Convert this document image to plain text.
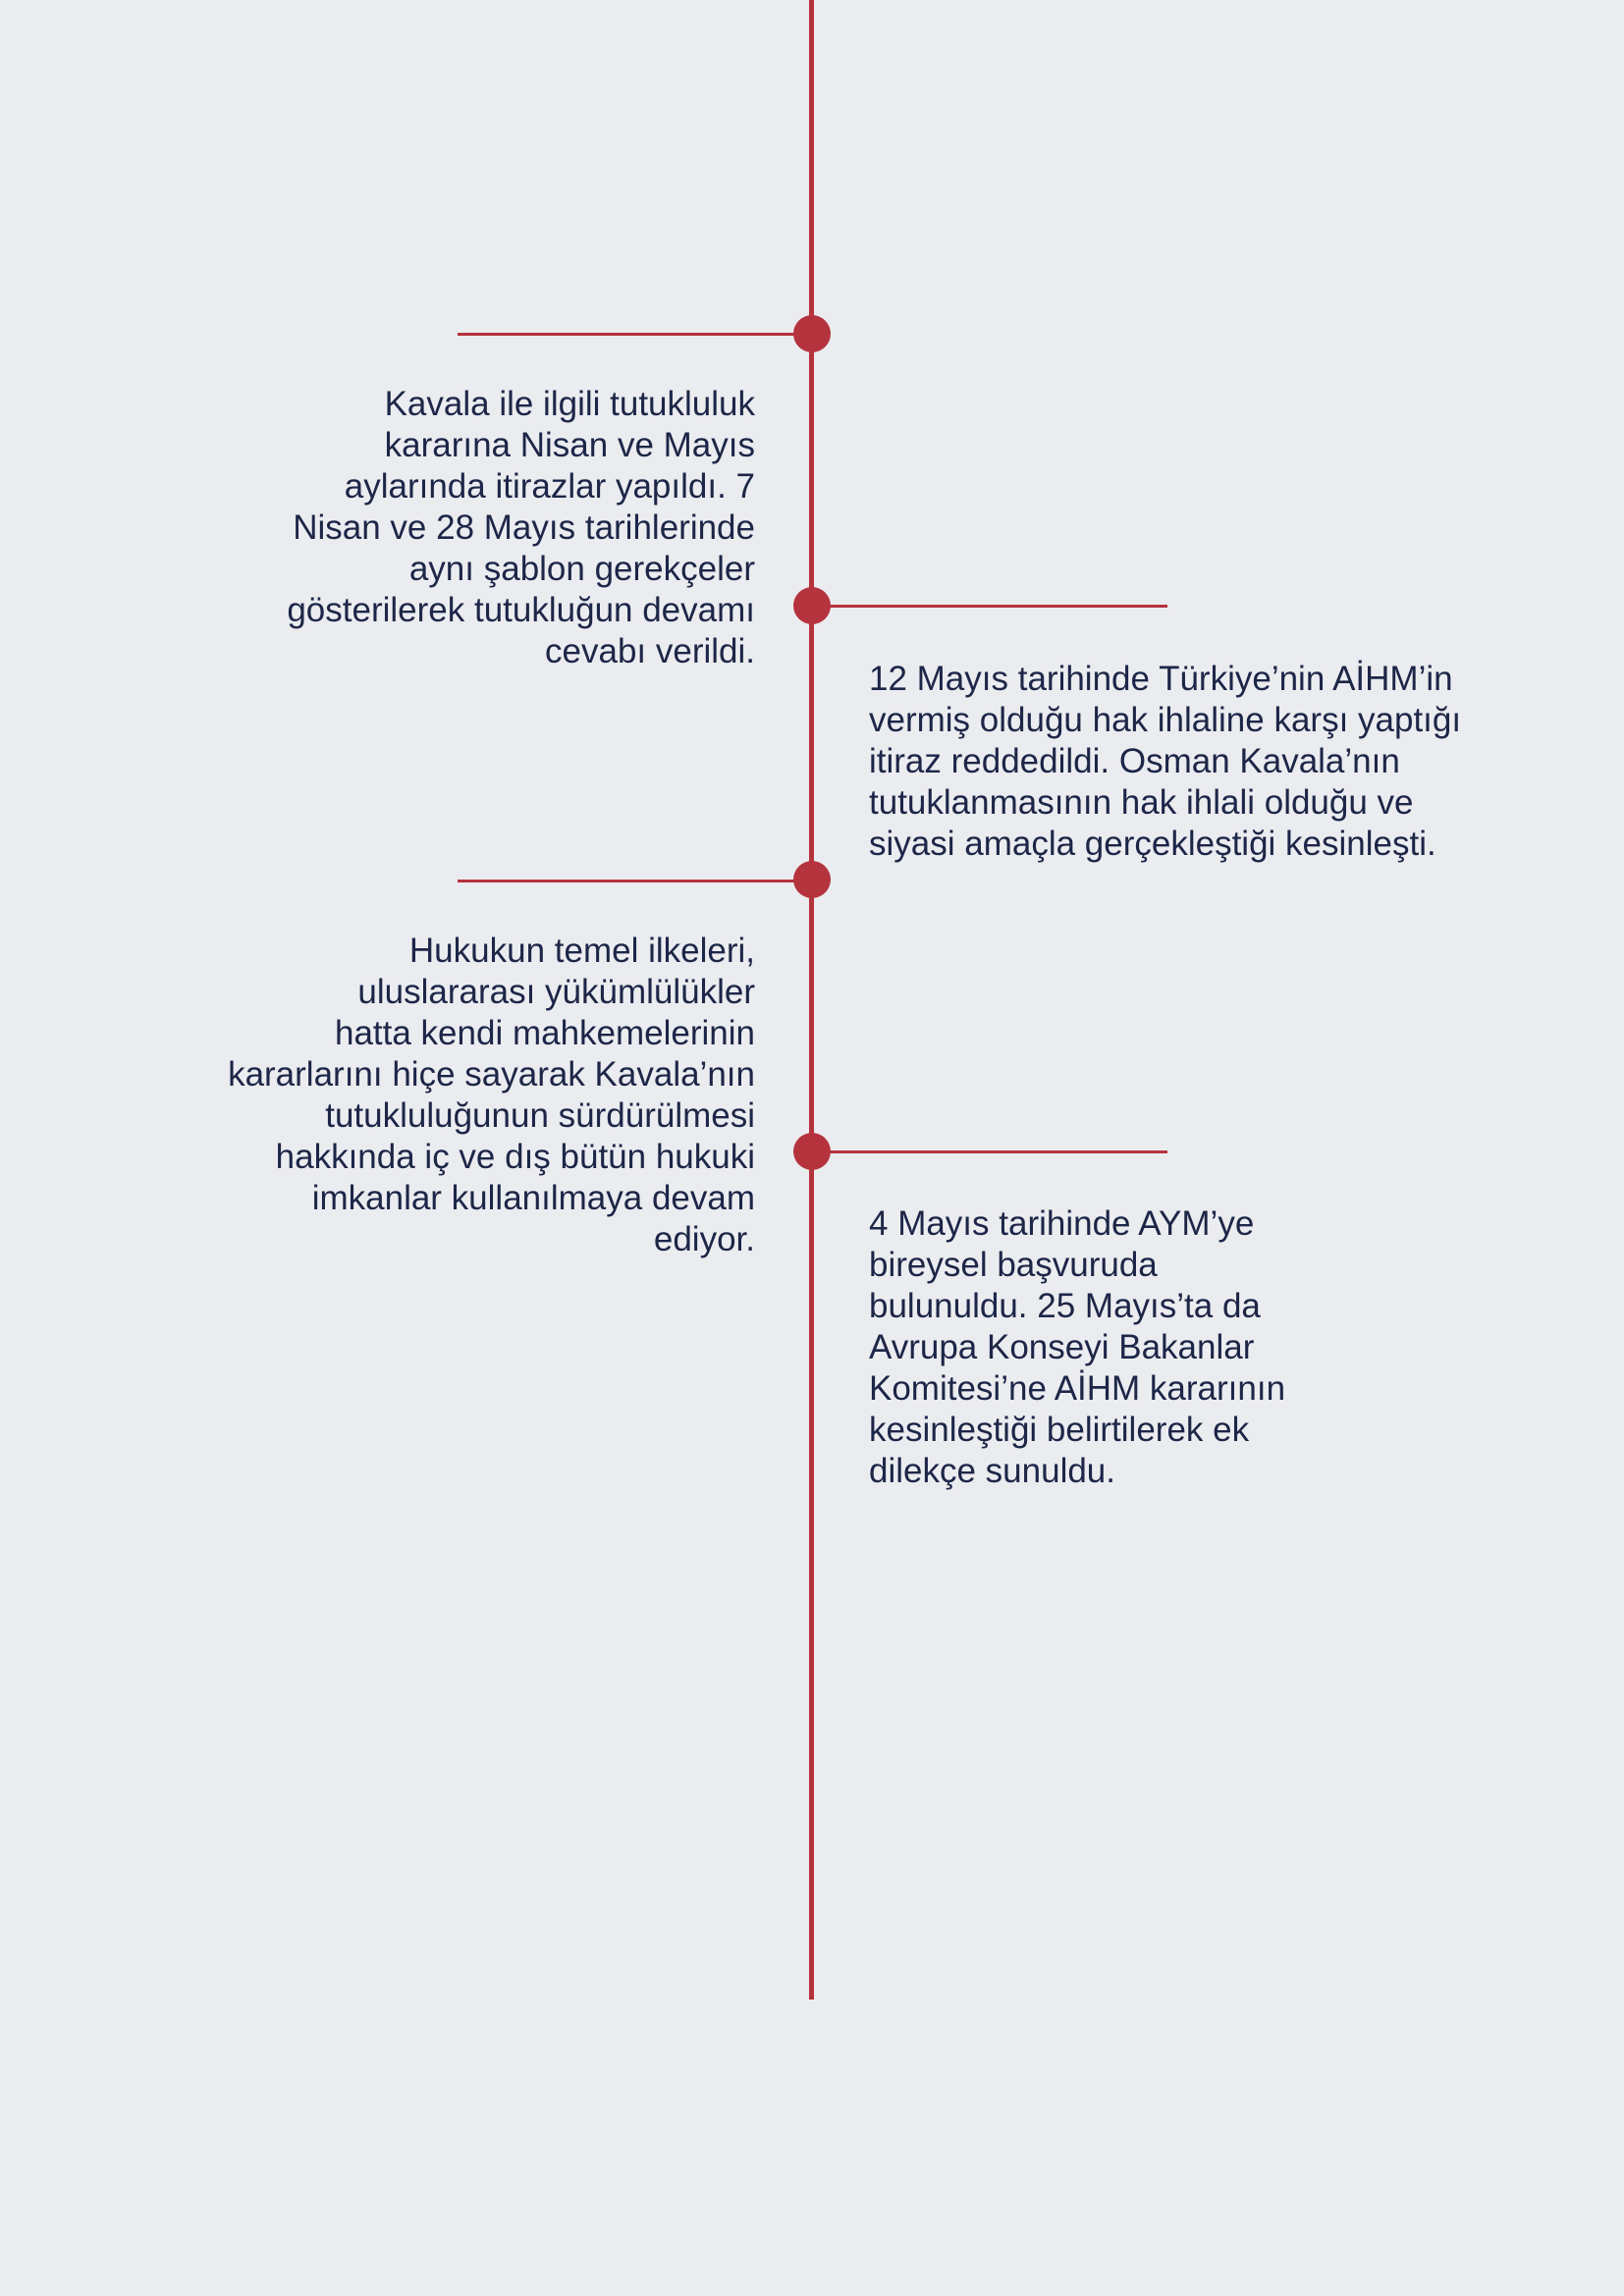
Kavala ile ilgili tutukluluk
kararına Nisan ve Mayıs
aylarında itirazlar yapıldı. 7
Nisan ve 28 Mayıs tarihlerinde
aynı şablon gerekçeler
gösterilerek tutukluğun devamı
cevabı verildi.

12 Mayıs tarihinde Türkiye’nin AİHM’in
vermiş olduğu hak ihlaline karşı yaptığı
itiraz reddedildi. Osman Kavala’nın
tutuklanmasının hak ihlali olduğu ve
siyasi amaçla gerçekleştiği kesinleşti.

Hukukun temel ilkeleri,
uluslararası yükümlülükler
hatta kendi mahkemelerinin
kararlarını hiçe sayarak Kavala’nın
tutukluluğunun sürdürülmesi
hakkında iç ve dış bütün hukuki
imkanlar kullanılmaya devam
ediyor.	4 Mayıs tarihinde AYM’ye
bireysel başvuruda
bulunuldu. 25 Mayıs’ta da
Avrupa Konseyi Bakanlar
Komitesi’ne AİHM kararının
kesinleştiği belirtilerek ek
dilekçe sunuldu.
